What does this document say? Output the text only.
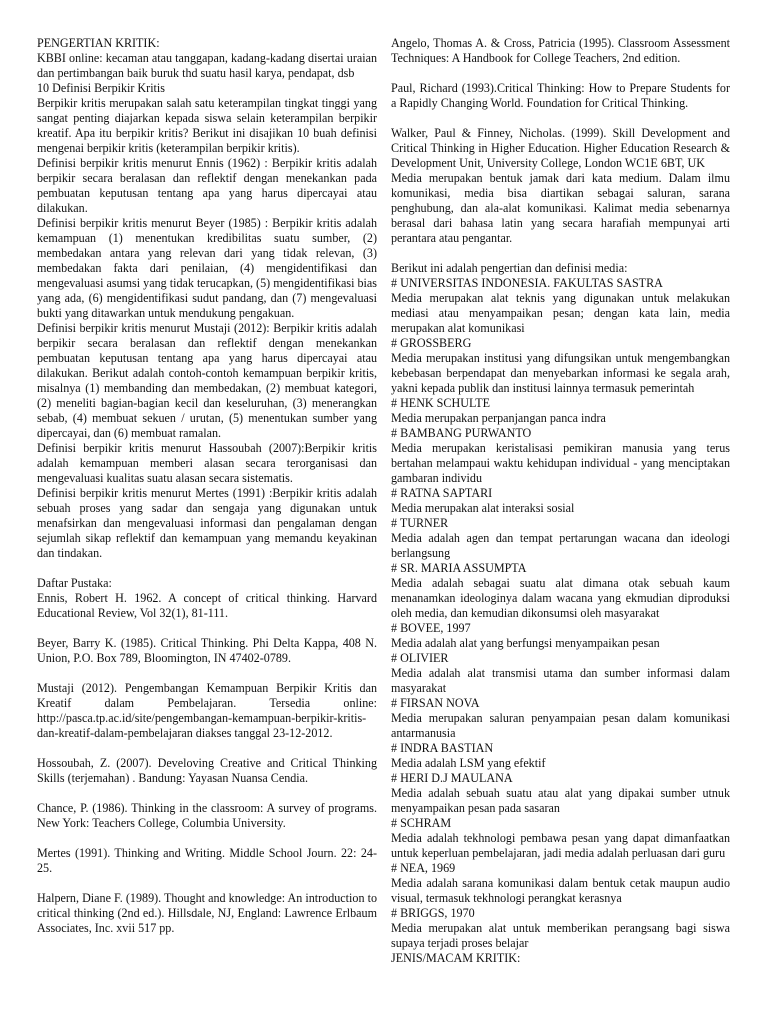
PENGERTIAN KRITIK:

KBBI online: kecaman atau tanggapan, kadang-kadang disertai uraian dan pertimbangan baik buruk thd suatu hasil karya, pendapat, dsb

10 Definisi Berpikir Kritis

Berpikir kritis merupakan salah satu keterampilan tingkat tinggi yang sangat penting diajarkan kepada siswa selain keterampilan berpikir kreatif. Apa itu berpikir kritis? Berikut ini disajikan 10 buah definisi mengenai berpikir kritis (keterampilan berpikir kritis).

Definisi berpikir kritis menurut Ennis (1962) : Berpikir kritis adalah berpikir secara beralasan dan reflektif dengan menekankan pada pembuatan keputusan tentang apa yang harus dipercayai atau dilakukan.

Definisi berpikir kritis menurut Beyer (1985) : Berpikir kritis adalah kemampuan (1) menentukan kredibilitas suatu sumber, (2) membedakan antara yang relevan dari yang tidak relevan, (3) membedakan fakta dari penilaian, (4) mengidentifikasi dan mengevaluasi asumsi yang tidak terucapkan, (5) mengidentifikasi bias yang ada, (6) mengidentifikasi sudut pandang, dan (7) mengevaluasi bukti yang ditawarkan untuk mendukung pengakuan.

Definisi berpikir kritis menurut Mustaji (2012): Berpikir kritis adalah berpikir secara beralasan dan reflektif dengan menekankan pembuatan keputusan tentang apa yang harus dipercayai atau dilakukan. Berikut adalah contoh-contoh kemampuan berpikir kritis, misalnya (1) membanding dan membedakan, (2) membuat kategori, (2) meneliti bagian-bagian kecil dan keseluruhan, (3) menerangkan sebab, (4) membuat sekuen / urutan, (5) menentukan sumber yang dipercayai, dan (6) membuat ramalan.

Definisi berpikir kritis menurut Hassoubah (2007):Berpikir kritis adalah kemampuan memberi alasan secara terorganisasi dan mengevaluasi kualitas suatu alasan secara sistematis.

Definisi berpikir kritis menurut Mertes (1991) :Berpikir kritis adalah sebuah proses yang sadar dan sengaja yang digunakan untuk menafsirkan dan mengevaluasi informasi dan pengalaman dengan sejumlah sikap reflektif dan kemampuan yang memandu keyakinan dan tindakan.

Daftar Pustaka:

Ennis, Robert H. 1962. A concept of critical thinking. Harvard Educational Review, Vol 32(1), 81-111.

Beyer, Barry K. (1985). Critical Thinking. Phi Delta Kappa, 408 N. Union, P.O. Box 789, Bloomington, IN 47402-0789.

Mustaji (2012). Pengembangan Kemampuan Berpikir Kritis dan Kreatif dalam Pembelajaran. Tersedia online: http://pasca.tp.ac.id/site/pengembangan-kemampuan-berpikir-kritis-dan-kreatif-dalam-pembelajaran diakses tanggal 23-12-2012.

Hossoubah, Z. (2007). Develoving Creative and Critical Thinking Skills (terjemahan) . Bandung: Yayasan Nuansa Cendia.

Chance, P. (1986). Thinking in the classroom: A survey of programs. New York: Teachers College, Columbia University.

Mertes (1991). Thinking and Writing. Middle School Journ. 22: 24-25.

Halpern, Diane F. (1989). Thought and knowledge: An introduction to critical thinking (2nd ed.). Hillsdale, NJ, England: Lawrence Erlbaum Associates, Inc. xvii 517 pp.

Angelo, Thomas A. & Cross, Patricia (1995). Classroom Assessment Techniques: A Handbook for College Teachers, 2nd edition.

Paul, Richard (1993).Critical Thinking: How to Prepare Students for a Rapidly Changing World. Foundation for Critical Thinking.

Walker, Paul & Finney, Nicholas. (1999). Skill Development and Critical Thinking in Higher Education. Higher Education Research & Development Unit, University College, London WC1E 6BT, UK

Media merupakan bentuk jamak dari kata medium. Dalam ilmu komunikasi, media bisa diartikan sebagai saluran, sarana penghubung, dan ala-alat komunikasi. Kalimat media sebenarnya berasal dari bahasa latin yang secara harafiah mempunyai arti perantara atau pengantar.

Berikut ini adalah pengertian dan definisi media:

# UNIVERSITAS INDONESIA. FAKULTAS SASTRA

Media merupakan alat teknis yang digunakan untuk melakukan mediasi atau menyampaikan pesan; dengan kata lain, media merupakan alat komunikasi

# GROSSBERG

Media merupakan institusi yang difungsikan untuk mengembangkan kebebasan berpendapat dan menyebarkan informasi ke segala arah, yakni kepada publik dan institusi lainnya termasuk pemerintah

# HENK SCHULTE

Media merupakan perpanjangan panca indra

# BAMBANG PURWANTO

Media merupakan keristalisasi pemikiran manusia yang terus bertahan melampaui waktu kehidupan individual - yang menciptakan gambaran individu

# RATNA SAPTARI

Media merupakan alat interaksi sosial

# TURNER

Media adalah agen dan tempat pertarungan wacana dan ideologi berlangsung

# SR. MARIA ASSUMPTA

Media adalah sebagai suatu alat dimana otak sebuah kaum menanamkan ideologinya dalam wacana yang ekmudian diproduksi oleh media, dan kemudian dikonsumsi oleh masyarakat

# BOVEE, 1997

Media adalah alat yang berfungsi menyampaikan pesan

# OLIVIER

Media adalah alat transmisi utama dan sumber informasi dalam masyarakat

# FIRSAN NOVA

Media merupakan saluran penyampaian pesan dalam komunikasi antarmanusia

# INDRA BASTIAN

Media adalah LSM yang efektif

# HERI D.J MAULANA

Media adalah sebuah suatu atau alat yang dipakai sumber utnuk menyampaikan pesan pada sasaran

# SCHRAM

Media adalah tekhnologi pembawa pesan yang dapat dimanfaatkan untuk keperluan pembelajaran, jadi media adalah perluasan dari guru

# NEA, 1969

Media adalah sarana komunikasi dalam bentuk cetak maupun audio visual, termasuk tekhnologi perangkat kerasnya

# BRIGGS, 1970

Media merupakan alat untuk memberikan perangsang bagi siswa supaya terjadi proses belajar

JENIS/MACAM KRITIK:
